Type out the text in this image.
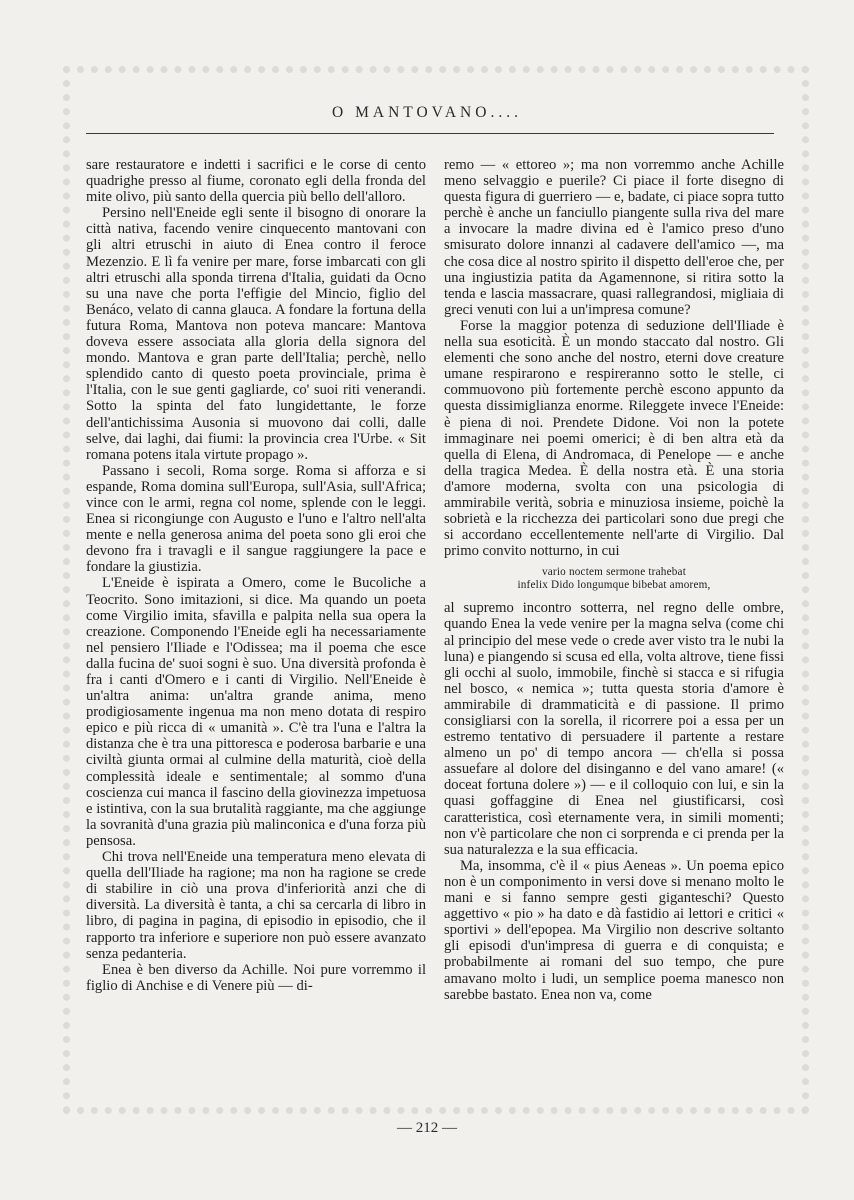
O MANTOVANO....

sare restauratore e indetti i sacrifici e le corse di cento quadrighe presso al fiume, coronato egli della fronda del mite olivo, più santo della quercia più bello dell'alloro.

Persino nell'Eneide egli sente il bisogno di onorare la città nativa, facendo venire cinquecento mantovani con gli altri etruschi in aiuto di Enea contro il feroce Mezenzio. E lì fa venire per mare, forse imbarcati con gli altri etruschi alla sponda tirrena d'Italia, guidati da Ocno su una nave che porta l'effigie del Mincio, figlio del Benáco, velato di canna glauca. A fondare la fortuna della futura Roma, Mantova non poteva mancare: Mantova doveva essere associata alla gloria della signora del mondo. Mantova e gran parte dell'Italia; perchè, nello splendido canto di questo poeta provinciale, prima è l'Italia, con le sue genti gagliarde, co' suoi riti venerandi. Sotto la spinta del fato lungidettante, le forze dell'antichissima Ausonia si muovono dai colli, dalle selve, dai laghi, dai fiumi: la provincia crea l'Urbe. « Sit romana potens itala virtute propago ».

Passano i secoli, Roma sorge. Roma si afforza e si espande, Roma domina sull'Europa, sull'Asia, sull'Africa; vince con le armi, regna col nome, splende con le leggi. Enea si ricongiunge con Augusto e l'uno e l'altro nell'alta mente e nella generosa anima del poeta sono gli eroi che devono fra i travagli e il sangue raggiungere la pace e fondare la giustizia.

L'Eneide è ispirata a Omero, come le Bucoliche a Teocrito. Sono imitazioni, si dice. Ma quando un poeta come Virgilio imita, sfavilla e palpita nella sua opera la creazione. Componendo l'Eneide egli ha necessariamente nel pensiero l'Iliade e l'Odissea; ma il poema che esce dalla fucina de' suoi sogni è suo. Una diversità profonda è fra i canti d'Omero e i canti di Virgilio. Nell'Eneide è un'altra anima: un'altra grande anima, meno prodigiosamente ingenua ma non meno dotata di respiro epico e più ricca di « umanità ». C'è tra l'una e l'altra la distanza che è tra una pittoresca e poderosa barbarie e una civiltà giunta ormai al culmine della maturità, cioè della complessità ideale e sentimentale; al sommo d'una coscienza cui manca il fascino della giovinezza impetuosa e istintiva, con la sua brutalità raggiante, ma che aggiunge la sovranità d'una grazia più malinconica e d'una forza più pensosa.

Chi trova nell'Eneide una temperatura meno elevata di quella dell'Iliade ha ragione; ma non ha ragione se crede di stabilire in ciò una prova d'inferiorità anzi che di diversità. La diversità è tanta, a chi sa cercarla di libro in libro, di pagina in pagina, di episodio in episodio, che il rapporto tra inferiore e superiore non può essere avanzato senza pedanteria.

Enea è ben diverso da Achille. Noi pure vorremmo il figlio di Anchise e di Venere più — di-

remo — « ettoreo »; ma non vorremmo anche Achille meno selvaggio e puerile? Ci piace il forte disegno di questa figura di guerriero — e, badate, ci piace sopra tutto perchè è anche un fanciullo piangente sulla riva del mare a invocare la madre divina ed è l'amico preso d'uno smisurato dolore innanzi al cadavere dell'amico —, ma che cosa dice al nostro spirito il dispetto dell'eroe che, per una ingiustizia patita da Agamennone, si ritira sotto la tenda e lascia massacrare, quasi rallegrandosi, migliaia di greci venuti con lui a un'impresa comune?

Forse la maggior potenza di seduzione dell'Iliade è nella sua esoticità. È un mondo staccato dal nostro. Gli elementi che sono anche del nostro, eterni dove creature umane respirarono e respireranno sotto le stelle, ci commuovono più fortemente perchè escono appunto da questa dissimiglianza enorme. Rileggete invece l'Eneide: è piena di noi. Prendete Didone. Voi non la potete immaginare nei poemi omerici; è di ben altra età da quella di Elena, di Andromaca, di Penelope — e anche della tragica Medea. È della nostra età. È una storia d'amore moderna, svolta con una psicologia di ammirabile verità, sobria e minuziosa insieme, poichè la sobrietà e la ricchezza dei particolari sono due pregi che si accordano eccellentemente nell'arte di Virgilio. Dal primo convito notturno, in cui

vario noctem sermone trahebat
infelix Dido longumque bibebat amorem,

al supremo incontro sotterra, nel regno delle ombre, quando Enea la vede venire per la magna selva (come chi al principio del mese vede o crede aver visto tra le nubi la luna) e piangendo si scusa ed ella, volta altrove, tiene fissi gli occhi al suolo, immobile, finchè si stacca e si rifugia nel bosco, « nemica »; tutta questa storia d'amore è ammirabile di drammaticità e di passione. Il primo consigliarsi con la sorella, il ricorrere poi a essa per un estremo tentativo di persuadere il partente a restare almeno un po' di tempo ancora — ch'ella si possa assuefare al dolore del disinganno e del vano amare! (« doceat fortuna dolere ») — e il colloquio con lui, e sin la quasi goffaggine di Enea nel giustificarsi, così caratteristica, così eternamente vera, in simili momenti; non v'è particolare che non ci sorprenda e ci prenda per la sua naturalezza e la sua efficacia.

Ma, insomma, c'è il « pius Aeneas ». Un poema epico non è un componimento in versi dove si menano molto le mani e si fanno sempre gesti giganteschi? Questo aggettivo « pio » ha dato e dà fastidio ai lettori e critici « sportivi » dell'epopea. Ma Virgilio non descrive soltanto gli episodi d'un'impresa di guerra e di conquista; e probabilmente ai romani del suo tempo, che pure amavano molto i ludi, un semplice poema manesco non sarebbe bastato. Enea non va, come

— 212 —
